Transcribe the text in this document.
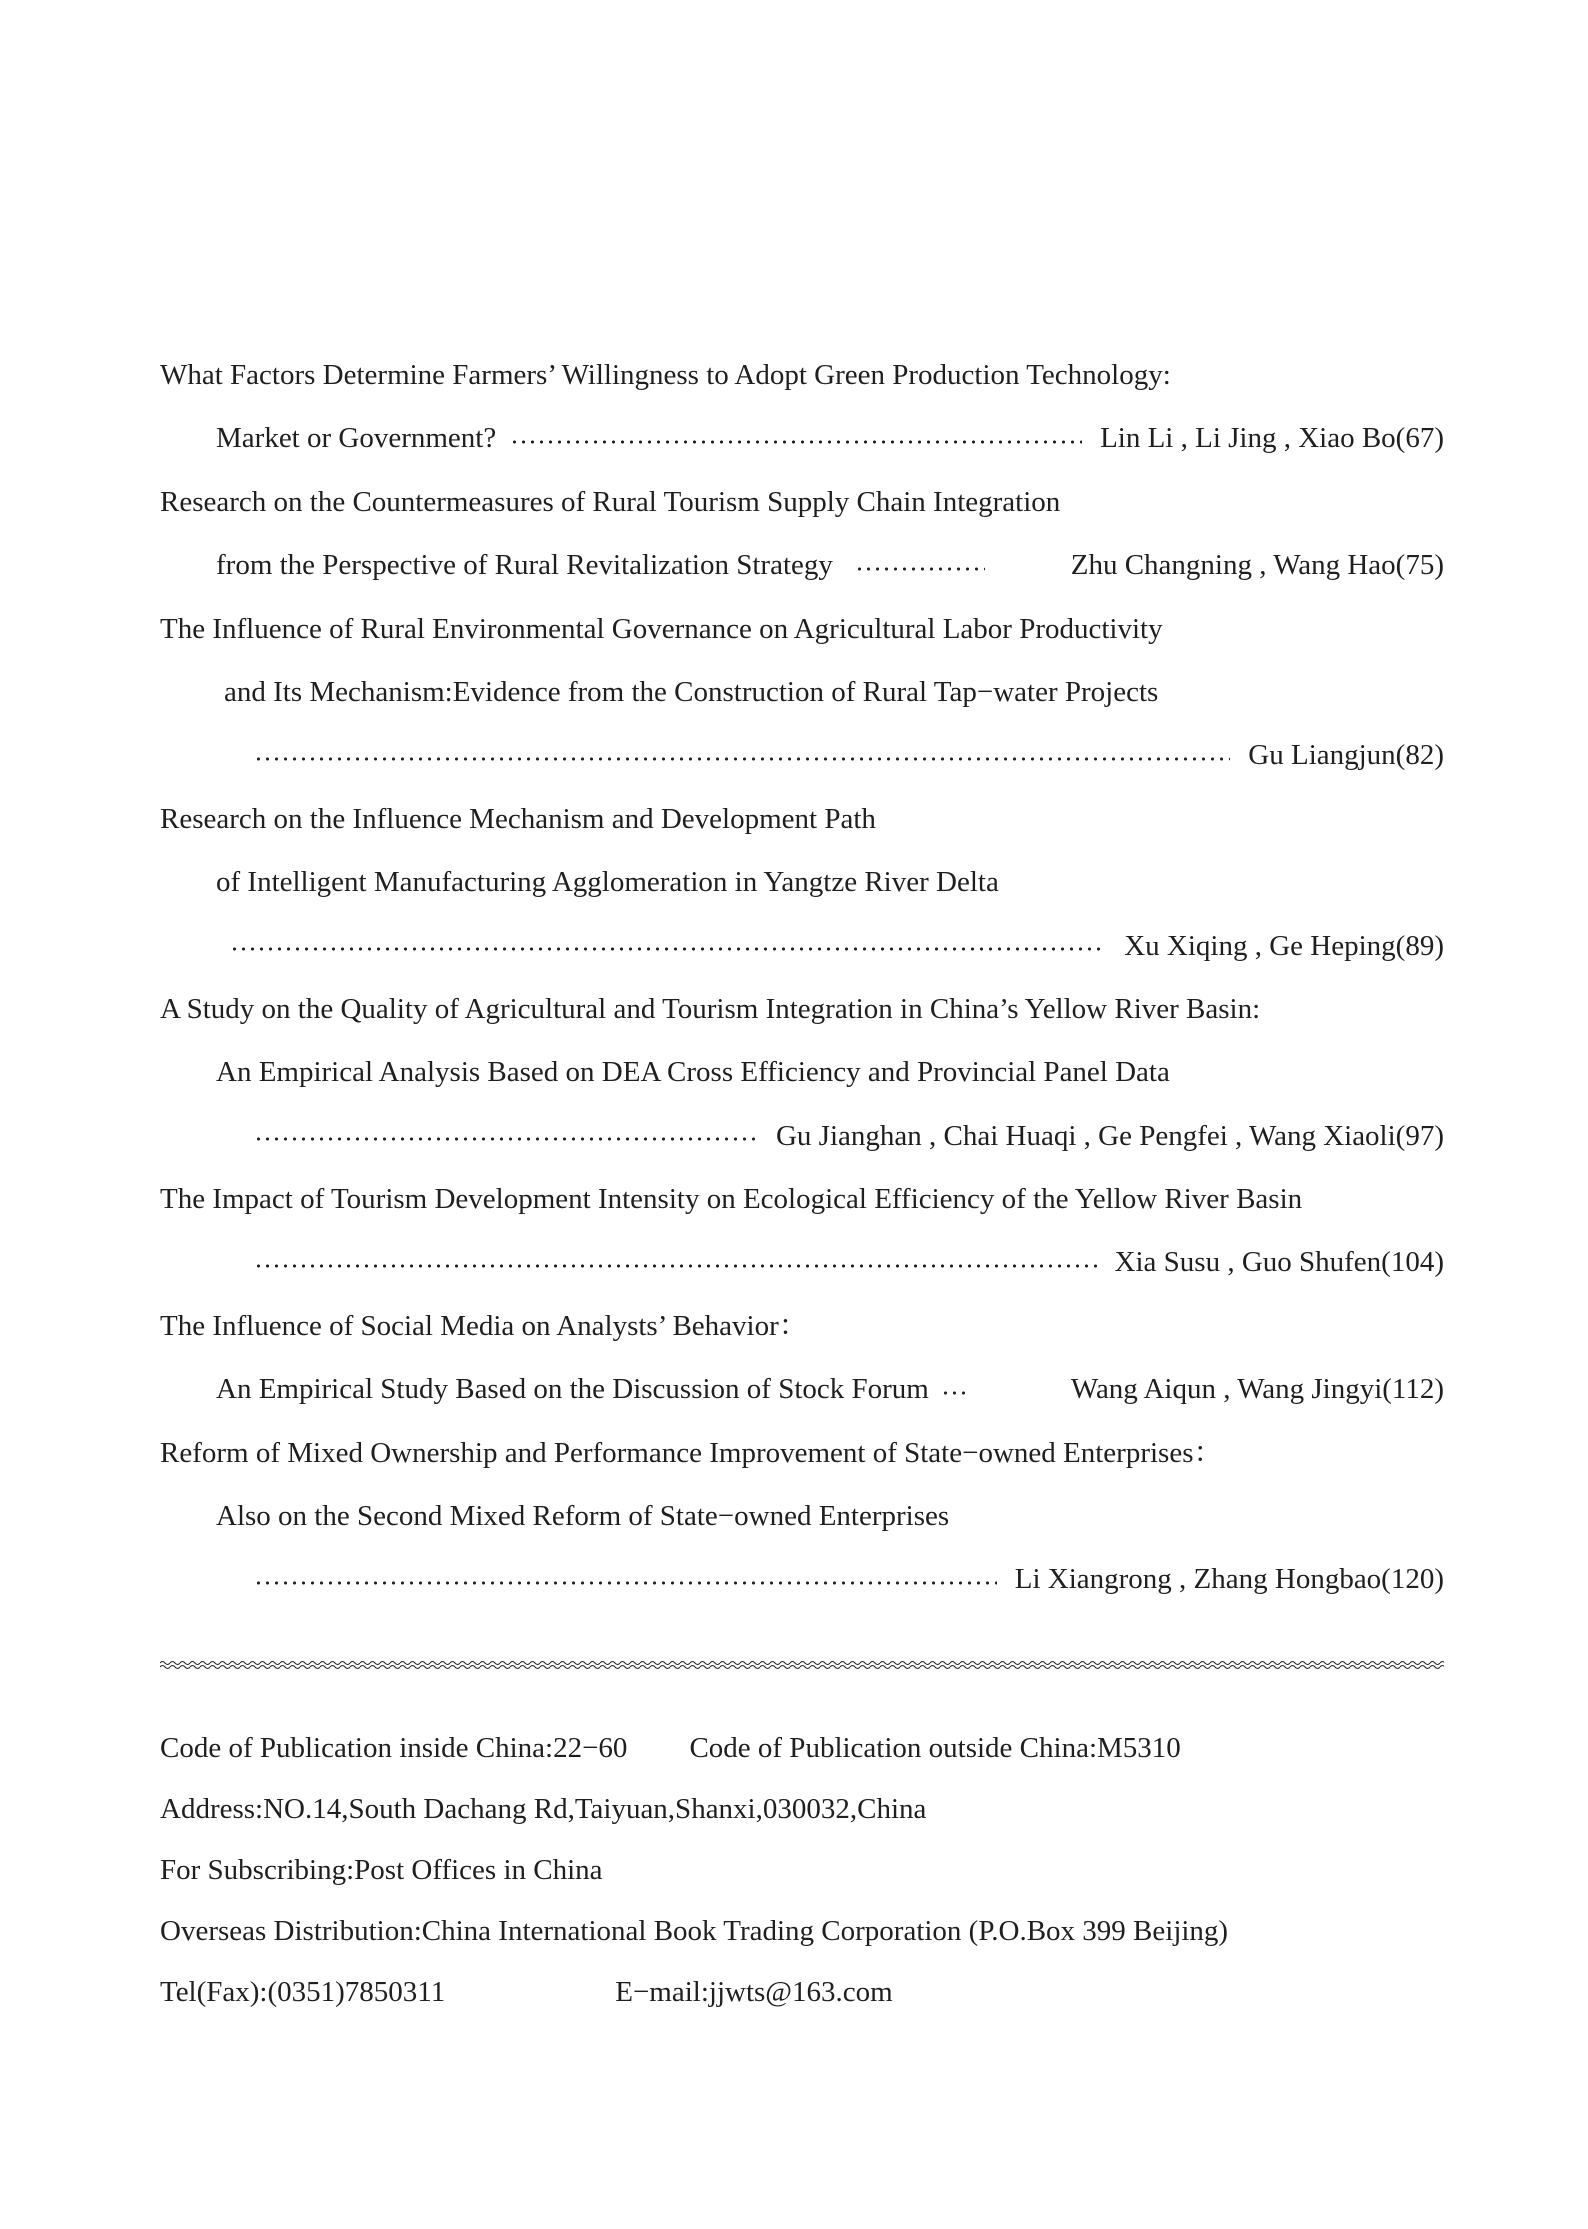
What Factors Determine Farmers’ Willingness to Adopt Green Production Technology:
Market or Government?	Lin Li , Li Jing , Xiao Bo(67)
Research on the Countermeasures of Rural Tourism Supply Chain Integration
from the Perspective of Rural Revitalization Strategy	Zhu Changning , Wang Hao(75)
The Influence of Rural Environmental Governance on Agricultural Labor Productivity
and Its Mechanism:Evidence from the Construction of Rural Tap−water Projects
Gu Liangjun(82)
Research on the Influence Mechanism and Development Path
of Intelligent Manufacturing Agglomeration in Yangtze River Delta
Xu Xiqing , Ge Heping(89)
A Study on the Quality of Agricultural and Tourism Integration in China’s Yellow River Basin:
An Empirical Analysis Based on DEA Cross Efficiency and Provincial Panel Data
Gu Jianghan , Chai Huaqi , Ge Pengfei , Wang Xiaoli(97)
The Impact of Tourism Development Intensity on Ecological Efficiency of the Yellow River Basin
Xia Susu , Guo Shufen(104)
The Influence of Social Media on Analysts’ Behavior：
An Empirical Study Based on the Discussion of Stock Forum	Wang Aiqun , Wang Jingyi(112)
Reform of Mixed Ownership and Performance Improvement of State−owned Enterprises：
Also on the Second Mixed Reform of State−owned Enterprises
Li Xiangrong , Zhang Hongbao(120)
Code of Publication inside China:22−60 Code of Publication outside China:M5310
Address:NO.14,South Dachang Rd,Taiyuan,Shanxi,030032,China
For Subscribing:Post Offices in China
Overseas Distribution:China International Book Trading Corporation (P.O.Box 399 Beijing)
Tel(Fax):(0351)7850311	E−mail:jjwts@163.com
